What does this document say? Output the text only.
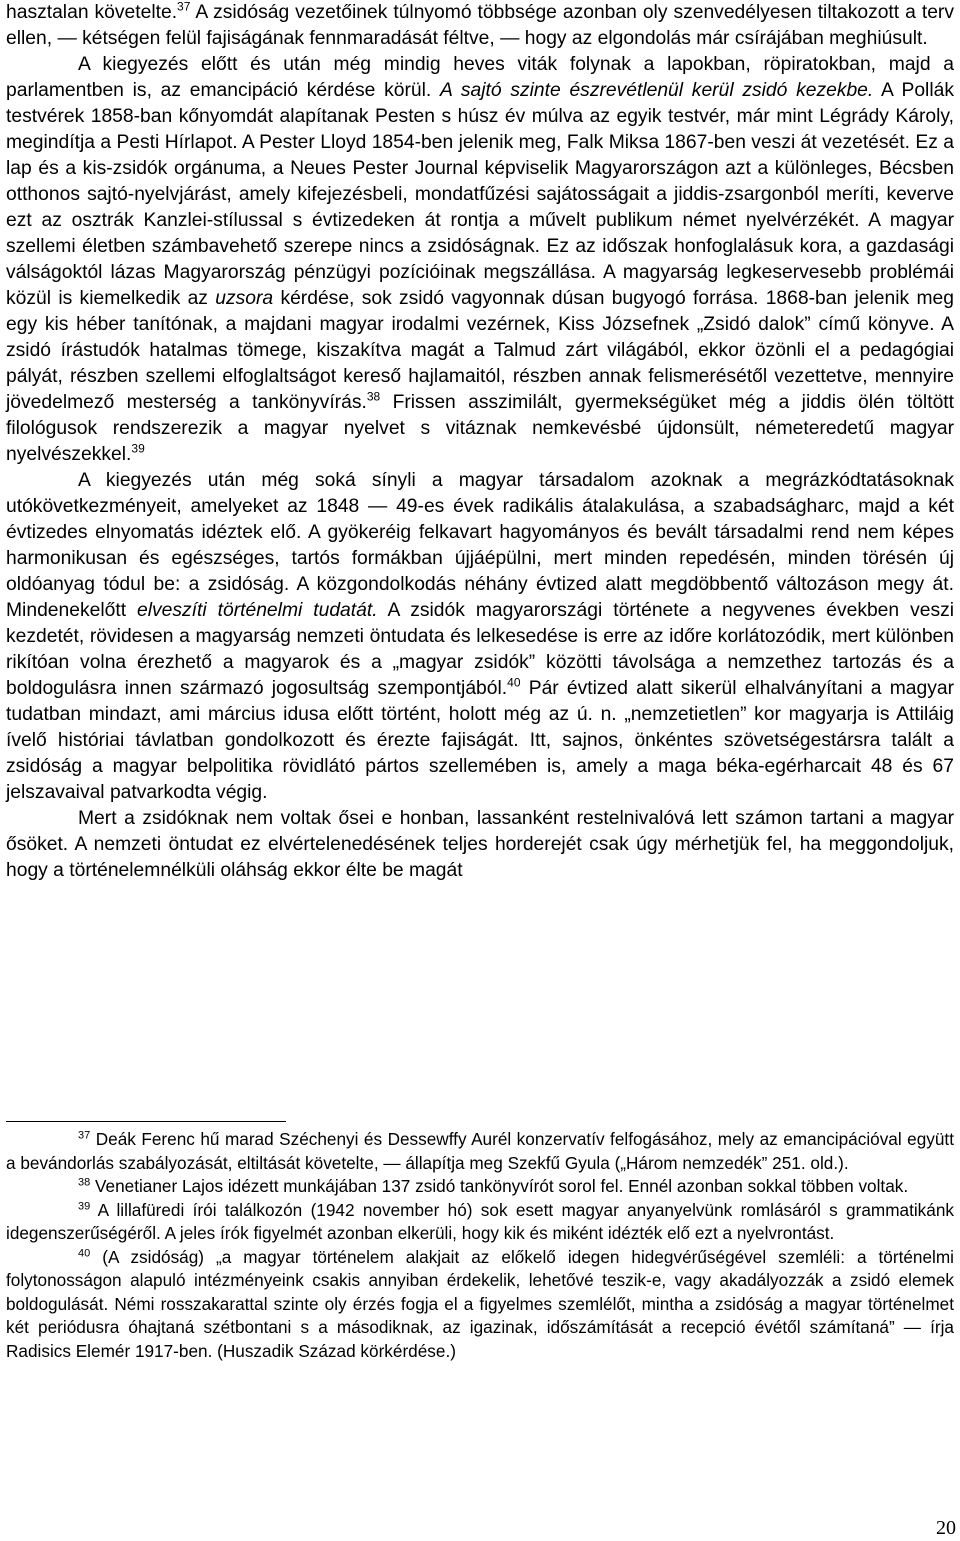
hasztalan követelte.$^{37}$ A zsidóság vezetőinek túlnyomó többsége azonban oly szenvedélyesen tiltakozott a terv ellen, — kétségen felül fajiságának fennmaradását féltve, — hogy az elgondolás már csírájában meghiúsult.

A kiegyezés előtt és után még mindig heves viták folynak a lapokban, röpiratokban, majd a parlamentben is, az emancipáció kérdése körül. A sajtó szinte észrevétlenül kerül zsidó kezekbe. A Pollák testvérek 1858-ban kőnyomdát alapítanak Pesten s húsz év múlva az egyik testvér, már mint Légrády Károly, megindítja a Pesti Hírlapot. A Pester Lloyd 1854-ben jelenik meg, Falk Miksa 1867-ben veszi át vezetését. Ez a lap és a kis-zsidók orgánuma, a Neues Pester Journal képviselik Magyarországon azt a különleges, Bécsben otthonos sajtó-nyelvjárást, amely kifejezésbeli, mondatfűzési sajátosságait a jiddis-zsargonból meríti, keverve ezt az osztrák Kanzlei-stílussal s évtizedeken át rontja a művelt publikum német nyelvérzékét. A magyar szellemi életben számbavehető szerepe nincs a zsidóságnak. Ez az időszak honfoglalásuk kora, a gazdasági válságoktól lázas Magyarország pénzügyi pozícióinak megszállása. A magyarság legkeservesebb problémái közül is kiemelkedik az uzsora kérdése, sok zsidó vagyonnak dúsan bugyogó forrása. 1868-ban jelenik meg egy kis héber tanítónak, a majdani magyar irodalmi vezérnek, Kiss Józsefnek „Zsidó dalok” című könyve. A zsidó írástudók hatalmas tömege, kiszakítva magát a Talmud zárt világából, ekkor özönli el a pedagógiai pályát, részben szellemi elfoglaltságot kereső hajlamaitól, részben annak felismerésétől vezettetve, mennyire jövedelmező mesterség a tankönyvírás.$^{38}$ Frissen asszimilált, gyermekségüket még a jiddis ölén töltött filológusok rendszerezik a magyar nyelvet s vitáznak nemkevésbé újdonsült, németeredetű magyar nyelvészekkel.$^{39}$

A kiegyezés után még soká sínyli a magyar társadalom azoknak a megrázkódtatásoknak utókövetkezményeit, amelyeket az 1848 — 49-es évek radikális átalakulása, a szabadságharc, majd a két évtizedes elnyomatás idéztek elő. A gyökeréig felkavart hagyományos és bevált társadalmi rend nem képes harmonikusan és egészséges, tartós formákban újjáépülni, mert minden repedésén, minden törésén új oldóanyag tódul be: a zsidóság. A közgondolkodás néhány évtized alatt megdöbbentő változáson megy át. Mindenekelőtt elveszíti történelmi tudatát. A zsidók magyarországi története a negyvenes években veszi kezdetét, rövidesen a magyarság nemzeti öntudata és lelkesedése is erre az időre korlátozódik, mert különben rikítóan volna érezhető a magyarok és a „magyar zsidók” közötti távolsága a nemzethez tartozás és a boldogulásra innen származó jogosultság szempontjából.$^{40}$ Pár évtized alatt sikerül elhalványítani a magyar tudatban mindazt, ami március idusa előtt történt, holott még az ú. n. „nemzetietlen” kor magyarja is Attiláig ívelő históriai távlatban gondolkozott és érezte fajiságát. Itt, sajnos, önkéntes szövetségestársra talált a zsidóság a magyar belpolitika rövidlátó pártos szellemében is, amely a maga béka-egérharcait 48 és 67 jelszavaival patvarkodta végig.

Mert a zsidóknak nem voltak ősei e honban, lassanként restelnivalóvá lett számon tartani a magyar ősöket. A nemzeti öntudat ez elvértelenedésének teljes horderejét csak úgy mérhetjük fel, ha meggondoljuk, hogy a történelemnélküli oláhság ekkor élte be magát

$^{37}$ Deák Ferenc hű marad Széchenyi és Dessewffy Aurél konzervatív felfogásához, mely az emancipációval együtt a bevándorlás szabályozását, eltiltását követelte, — állapítja meg Szekfű Gyula („Három nemzedék” 251. old.).

$^{38}$ Venetianer Lajos idézett munkájában 137 zsidó tankönyvírót sorol fel. Ennél azonban sokkal többen voltak.

$^{39}$ A lillafüredi írói találkozón (1942 november hó) sok esett magyar anyanyelvünk romlásáról s grammatikánk idegenszerűségéről. A jeles írók figyelmét azonban elkerüli, hogy kik és miként idézték elő ezt a nyelvrontást.

$^{40}$ (A zsidóság) „a magyar történelem alakjait az előkelő idegen hidegvérűségével szemléli: a történelmi folytonosságon alapuló intézményeink csakis annyiban érdekelik, lehetővé teszik-e, vagy akadályozzák a zsidó elemek boldogulását. Némi rosszakarattal szinte oly érzés fogja el a figyelmes szemlélőt, mintha a zsidóság a magyar történelmet két periódusra óhajtaná szétbontani s a másodiknak, az igazinak, időszámítását a recepció évétől számítaná” — írja Radisics Elemér 1917-ben. (Huszadik Század körkérdése.)

20
